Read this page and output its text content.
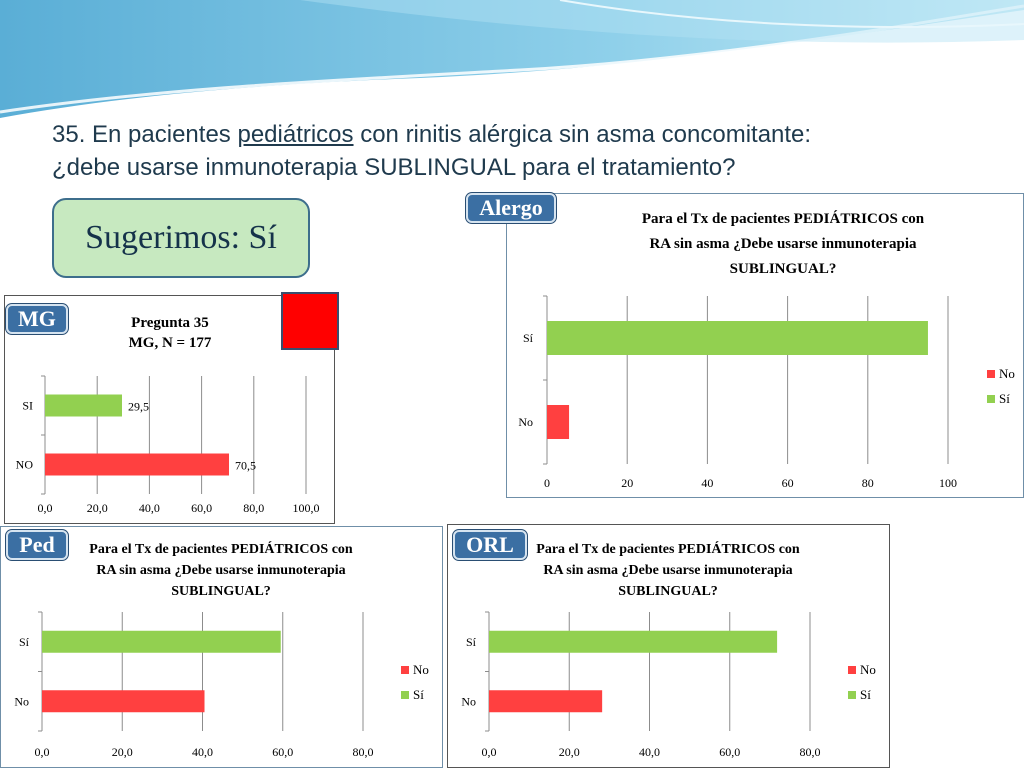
35. En pacientes pediátricos con rinitis alérgica sin asma concomitante:
¿debe usarse inmunoterapia SUBLINGUAL para el tratamiento?
Sugerimos: Sí
Pregunta 35
MG, N = 177
0,0	20,0	40,0	60,0	80,0 100,0
SI	29,5
NO	70,5
Para el Tx de pacientes PEDIÁTRICOS con
RA sin asma ¿Debe usarse inmunoterapia
SUBLINGUAL?
0	20	40	60	80	100
Sí
No
No
Sí
Para el Tx de pacientes PEDIÁTRICOS con
RA sin asma ¿Debe usarse inmunoterapia
SUBLINGUAL?
0,0	20,0	40,0	60,0	80,0
Sí
No
No
Sí
Para el Tx de pacientes PEDIÁTRICOS con
RA sin asma ¿Debe usarse inmunoterapia
SUBLINGUAL?
0,0	20,0	40,0	60,0	80,0
Sí
No
No
Sí
MG
Alergo
Ped	ORL
